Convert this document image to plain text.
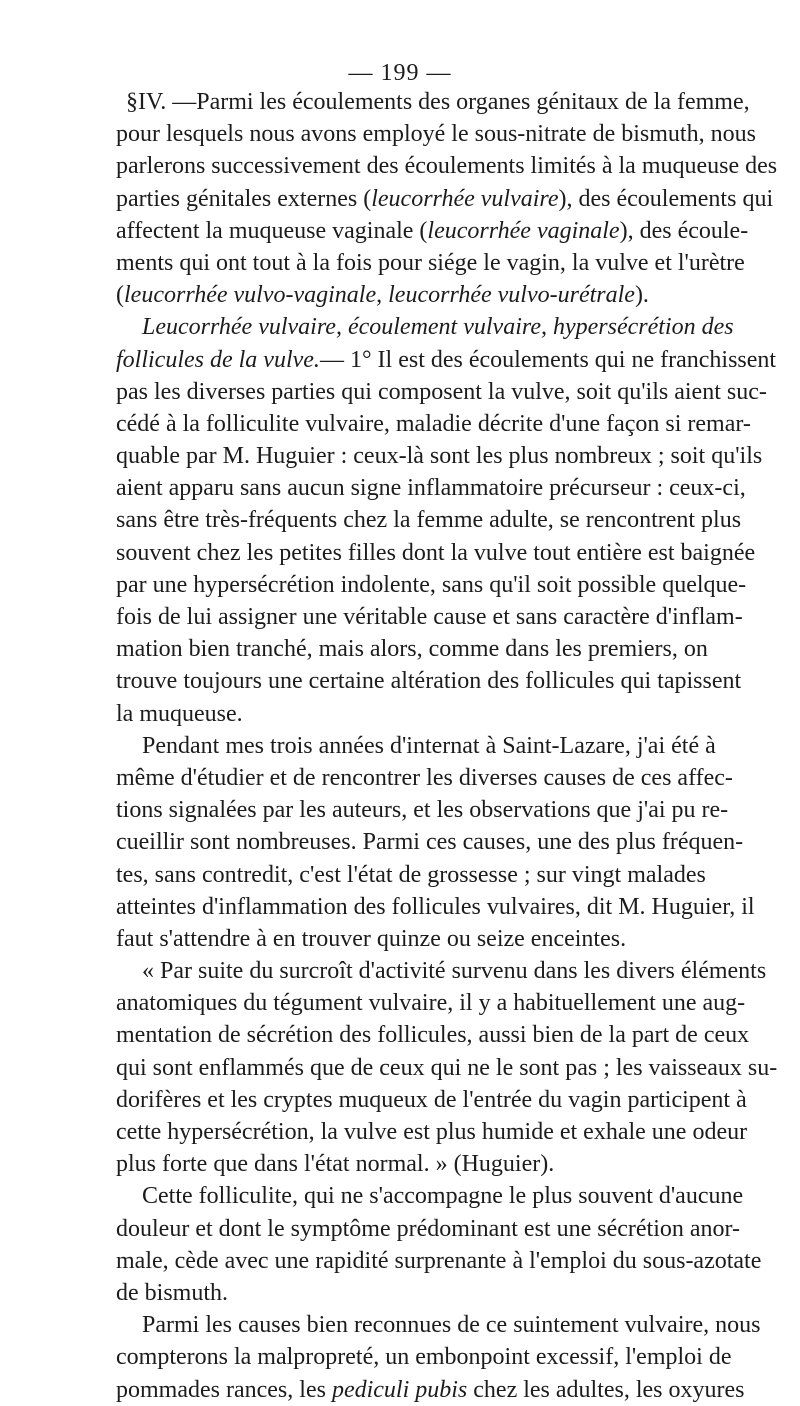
— 199 —
§IV. —Parmi les écoulements des organes génitaux de la femme,
pour lesquels nous avons employé le sous-nitrate de bismuth, nous
parlerons successivement des écoulements limités à la muqueuse des
parties génitales externes (leucorrhée vulvaire), des écoulements qui
affectent la muqueuse vaginale (leucorrhée vaginale), des écoule-
ments qui ont tout à la fois pour siége le vagin, la vulve et l'urètre
(leucorrhée vulvo-vaginale, leucorrhée vulvo-urétrale).
Leucorrhée vulvaire, écoulement vulvaire, hypersécrétion des
follicules de la vulve.— 1° Il est des écoulements qui ne franchissent
pas les diverses parties qui composent la vulve, soit qu'ils aient suc-
cédé à la folliculite vulvaire, maladie décrite d'une façon si remar-
quable par M. Huguier : ceux-là sont les plus nombreux ; soit qu'ils
aient apparu sans aucun signe inflammatoire précurseur : ceux-ci,
sans être très-fréquents chez la femme adulte, se rencontrent plus
souvent chez les petites filles dont la vulve tout entière est baignée
par une hypersécrétion indolente, sans qu'il soit possible quelque-
fois de lui assigner une véritable cause et sans caractère d'inflam-
mation bien tranché, mais alors, comme dans les premiers, on
trouve toujours une certaine altération des follicules qui tapissent
la muqueuse.
Pendant mes trois années d'internat à Saint-Lazare, j'ai été à
même d'étudier et de rencontrer les diverses causes de ces affec-
tions signalées par les auteurs, et les observations que j'ai pu re-
cueillir sont nombreuses. Parmi ces causes, une des plus fréquen-
tes, sans contredit, c'est l'état de grossesse ; sur vingt malades
atteintes d'inflammation des follicules vulvaires, dit M. Huguier, il
faut s'attendre à en trouver quinze ou seize enceintes.
« Par suite du surcroît d'activité survenu dans les divers éléments
anatomiques du tégument vulvaire, il y a habituellement une aug-
mentation de sécrétion des follicules, aussi bien de la part de ceux
qui sont enflammés que de ceux qui ne le sont pas ; les vaisseaux su-
dorifères et les cryptes muqueux de l'entrée du vagin participent à
cette hypersécrétion, la vulve est plus humide et exhale une odeur
plus forte que dans l'état normal. » (Huguier).
Cette folliculite, qui ne s'accompagne le plus souvent d'aucune
douleur et dont le symptôme prédominant est une sécrétion anor-
male, cède avec une rapidité surprenante à l'emploi du sous-azotate
de bismuth.
Parmi les causes bien reconnues de ce suintement vulvaire, nous
compterons la malpropreté, un embonpoint excessif, l'emploi de
pommades rances, les pediculi pubis chez les adultes, les oxyures
